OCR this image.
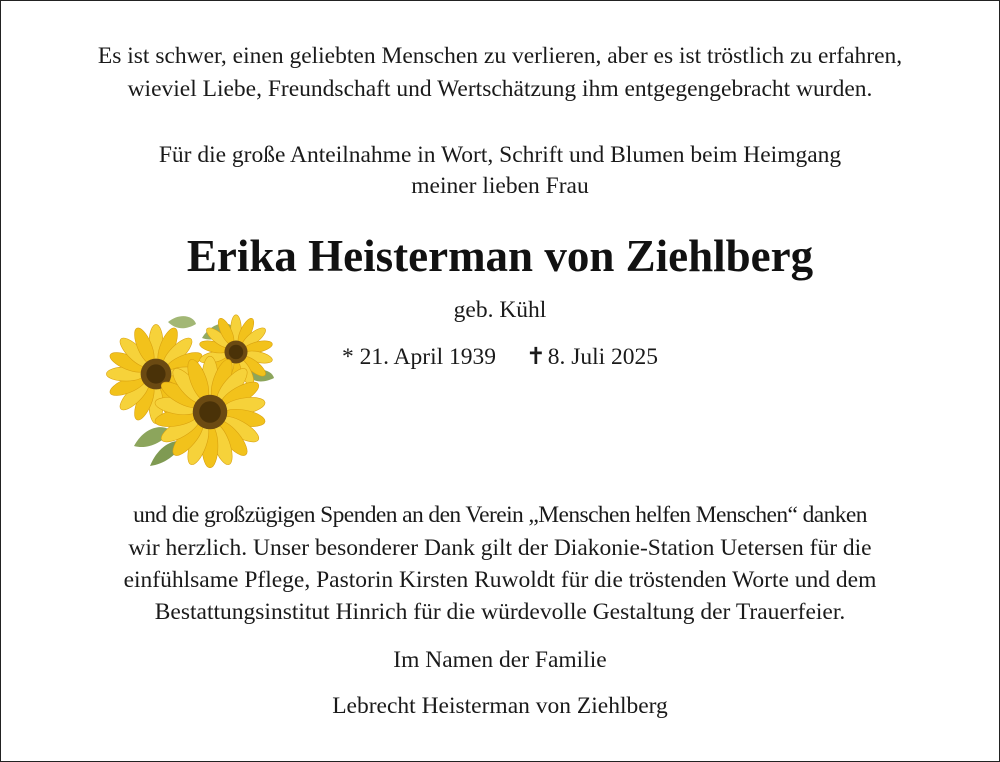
Es ist schwer, einen geliebten Menschen zu verlieren, aber es ist tröstlich zu erfahren,
wieviel Liebe, Freundschaft und Wertschätzung ihm entgegengebracht wurden.
Für die große Anteilnahme in Wort, Schrift und Blumen beim Heimgang
meiner lieben Frau
Erika Heisterman von Ziehlberg
geb. Kühl
* 21. April 1939 ✝8. Juli 2025
und die großzügigen Spenden an den Verein „Menschen helfen Menschen“ danken
wir herzlich. Unser besonderer Dank gilt der Diakonie-Station Uetersen für die
einfühlsame Pflege, Pastorin Kirsten Ruwoldt für die tröstenden Worte und dem
Bestattungsinstitut Hinrich für die würdevolle Gestaltung der Trauerfeier.
Im Namen der Familie
Lebrecht Heisterman von Ziehlberg
